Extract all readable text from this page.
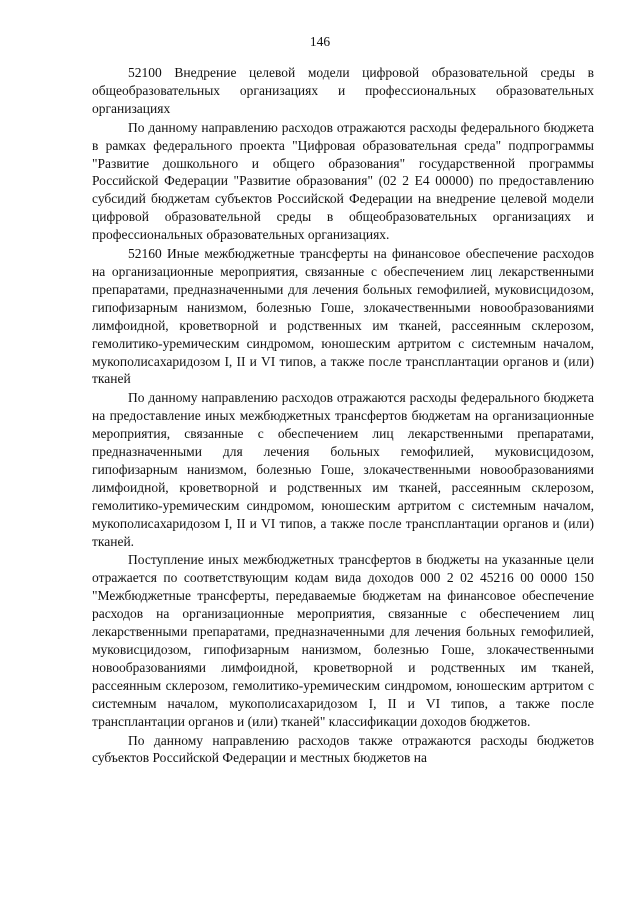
146

52100 Внедрение целевой модели цифровой образовательной среды в общеобразовательных организациях и профессиональных образовательных организациях

По данному направлению расходов отражаются расходы федерального бюджета в рамках федерального проекта "Цифровая образовательная среда" подпрограммы "Развитие дошкольного и общего образования" государственной программы Российской Федерации "Развитие образования" (02 2 E4 00000) по предоставлению субсидий бюджетам субъектов Российской Федерации на внедрение целевой модели цифровой образовательной среды в общеобразовательных организациях и профессиональных образовательных организациях.

52160 Иные межбюджетные трансферты на финансовое обеспечение расходов на организационные мероприятия, связанные с обеспечением лиц лекарственными препаратами, предназначенными для лечения больных гемофилией, муковисцидозом, гипофизарным нанизмом, болезнью Гоше, злокачественными новообразованиями лимфоидной, кроветворной и родственных им тканей, рассеянным склерозом, гемолитико-уремическим синдромом, юношеским артритом с системным началом, мукополисахаридозом I, II и VI типов, а также после трансплантации органов и (или) тканей

По данному направлению расходов отражаются расходы федерального бюджета на предоставление иных межбюджетных трансфертов бюджетам на организационные мероприятия, связанные с обеспечением лиц лекарственными препаратами, предназначенными для лечения больных гемофилией, муковисцидозом, гипофизарным нанизмом, болезнью Гоше, злокачественными новообразованиями лимфоидной, кроветворной и родственных им тканей, рассеянным склерозом, гемолитико-уремическим синдромом, юношеским артритом с системным началом, мукополисахаридозом I, II и VI типов, а также после трансплантации органов и (или) тканей.

Поступление иных межбюджетных трансфертов в бюджеты на указанные цели отражается по соответствующим кодам вида доходов 000 2 02 45216 00 0000 150 "Межбюджетные трансферты, передаваемые бюджетам на финансовое обеспечение расходов на организационные мероприятия, связанные с обеспечением лиц лекарственными препаратами, предназначенными для лечения больных гемофилией, муковисцидозом, гипофизарным нанизмом, болезнью Гоше, злокачественными новообразованиями лимфоидной, кроветворной и родственных им тканей, рассеянным склерозом, гемолитико-уремическим синдромом, юношеским артритом с системным началом, мукополисахаридозом I, II и VI типов, а также после трансплантации органов и (или) тканей" классификации доходов бюджетов.

По данному направлению расходов также отражаются расходы бюджетов субъектов Российской Федерации и местных бюджетов на
